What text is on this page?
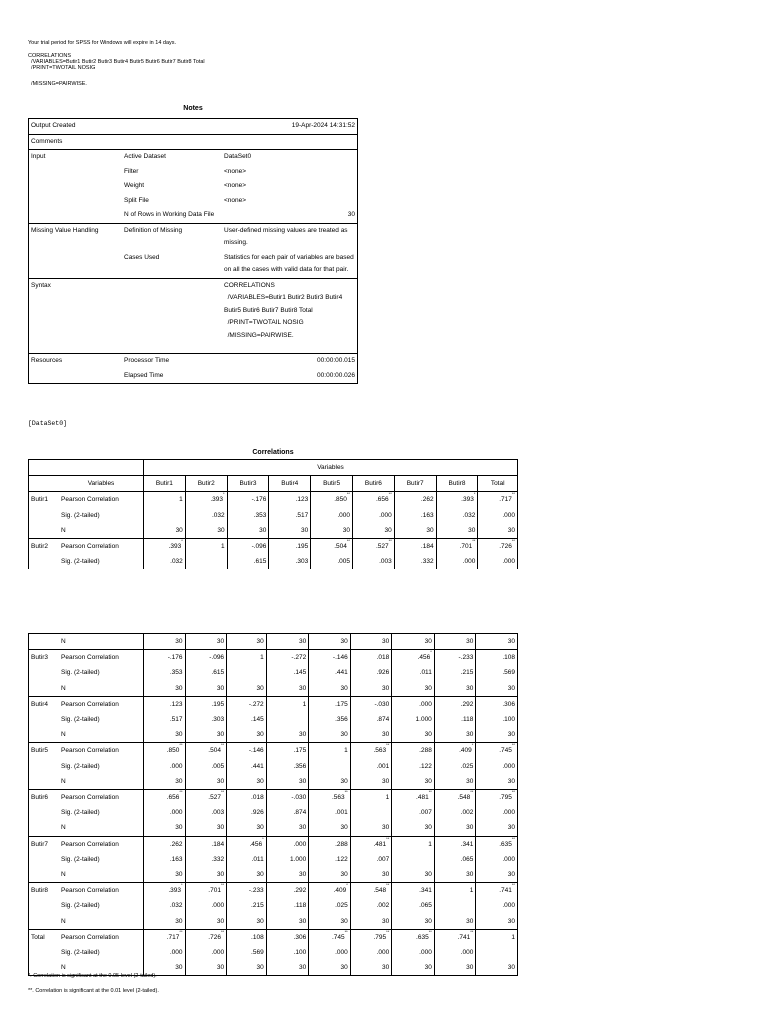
Your trial period for SPSS for Windows will expire in 14 days.
CORRELATIONS
/VARIABLES=Butir1 Butir2 Butir3 Butir4 Butir5 Butir6 Butir7 Butir8 Total
/PRINT=TWOTAIL NOSIG
/MISSING=PAIRWISE.
Notes
Output Created		19-Apr-2024 14:31:52
Comments		
Input	Active Dataset	DataSet0
	Filter	<none>
	Weight	<none>
	Split File	<none>
	N of Rows in Working Data File	30
Missing Value Handling	Definition of Missing	User-defined missing values are treated as missing.
	Cases Used	Statistics for each pair of variables are based on all the cases with valid data for that pair.
Syntax		CORRELATIONS
/VARIABLES=Butir1 Butir2 Butir3 Butir4
Butir5 Butir6 Butir7 Butir8 Total
/PRINT=TWOTAIL NOSIG
/MISSING=PAIRWISE.

Resources	Processor Time	00:00:00.015
	Elapsed Time	00:00:00.026
[DataSet0]
Correlations
		Variables								
	Variables	Butir1	Butir2	Butir3	Butir4	Butir5	Butir6	Butir7	Butir8	Total
Butir1	Pearson Correlation	1	.393*	-.176	.123	.850**	.656**	.262	.393*	.717**
	Sig. (2-tailed)		.032	.353	.517	.000	.000	.163	.032	.000
	N	30	30	30	30	30	30	30	30	30
Butir2	Pearson Correlation	.393*	1	-.096	.195	.504**	.527**	.184	.701**	.726**
	Sig. (2-tailed)	.032		.615	.303	.005	.003	.332	.000	.000
	N	30	30	30	30	30	30	30	30	30
Butir3	Pearson Correlation	-.176	-.096	1	-.272	-.146	.018	.456*	-.233	.108
	Sig. (2-tailed)	.353	.615		.145	.441	.926	.011	.215	.569
	N	30	30	30	30	30	30	30	30	30
Butir4	Pearson Correlation	.123	.195	-.272	1	.175	-.030	.000	.292	.306
	Sig. (2-tailed)	.517	.303	.145		.356	.874	1.000	.118	.100
	N	30	30	30	30	30	30	30	30	30
Butir5	Pearson Correlation	.850**	.504**	-.146	.175	1	.563**	.288	.409*	.745**
	Sig. (2-tailed)	.000	.005	.441	.356		.001	.122	.025	.000
	N	30	30	30	30	30	30	30	30	30
Butir6	Pearson Correlation	.656**	.527**	.018	-.030	.563**	1	.481**	.548**	.795**
	Sig. (2-tailed)	.000	.003	.926	.874	.001		.007	.002	.000
	N	30	30	30	30	30	30	30	30	30
Butir7	Pearson Correlation	.262	.184	.456*	.000	.288	.481**	1	.341	.635**
	Sig. (2-tailed)	.163	.332	.011	1.000	.122	.007		.065	.000
	N	30	30	30	30	30	30	30	30	30
Butir8	Pearson Correlation	.393*	.701**	-.233	.292	.409*	.548**	.341	1	.741**
	Sig. (2-tailed)	.032	.000	.215	.118	.025	.002	.065		.000
	N	30	30	30	30	30	30	30	30	30
Total	Pearson Correlation	.717**	.726**	.108	.306	.745**	.795**	.635**	.741**	1
	Sig. (2-tailed)	.000	.000	.569	.100	.000	.000	.000	.000	
	N	30	30	30	30	30	30	30	30	30
*. Correlation is significant at the 0.05 level (2-tailed).
**. Correlation is significant at the 0.01 level (2-tailed).
